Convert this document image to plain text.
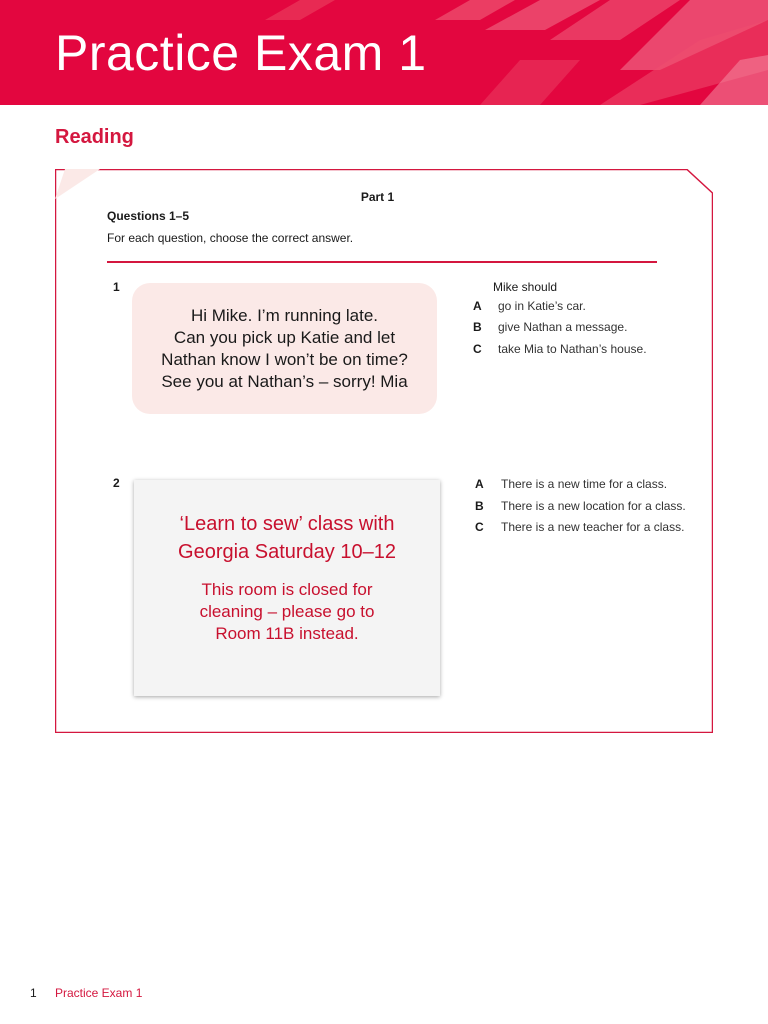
Practice Exam 1
Reading
Part 1
Questions 1–5
For each question, choose the correct answer.
1
Hi Mike. I’m running late.
Can you pick up Katie and let
Nathan know I won’t be on time?
See you at Nathan’s – sorry! Mia
Mike should
A go in Katie’s car.
B give Nathan a message.
C take Mia to Nathan’s house.
2
‘Learn to sew’ class with
Georgia Saturday 10–12
This room is closed for
cleaning – please go to
Room 11B instead.
A There is a new time for a class.
B There is a new location for a class.
C There is a new teacher for a class.
1 Practice Exam 1
